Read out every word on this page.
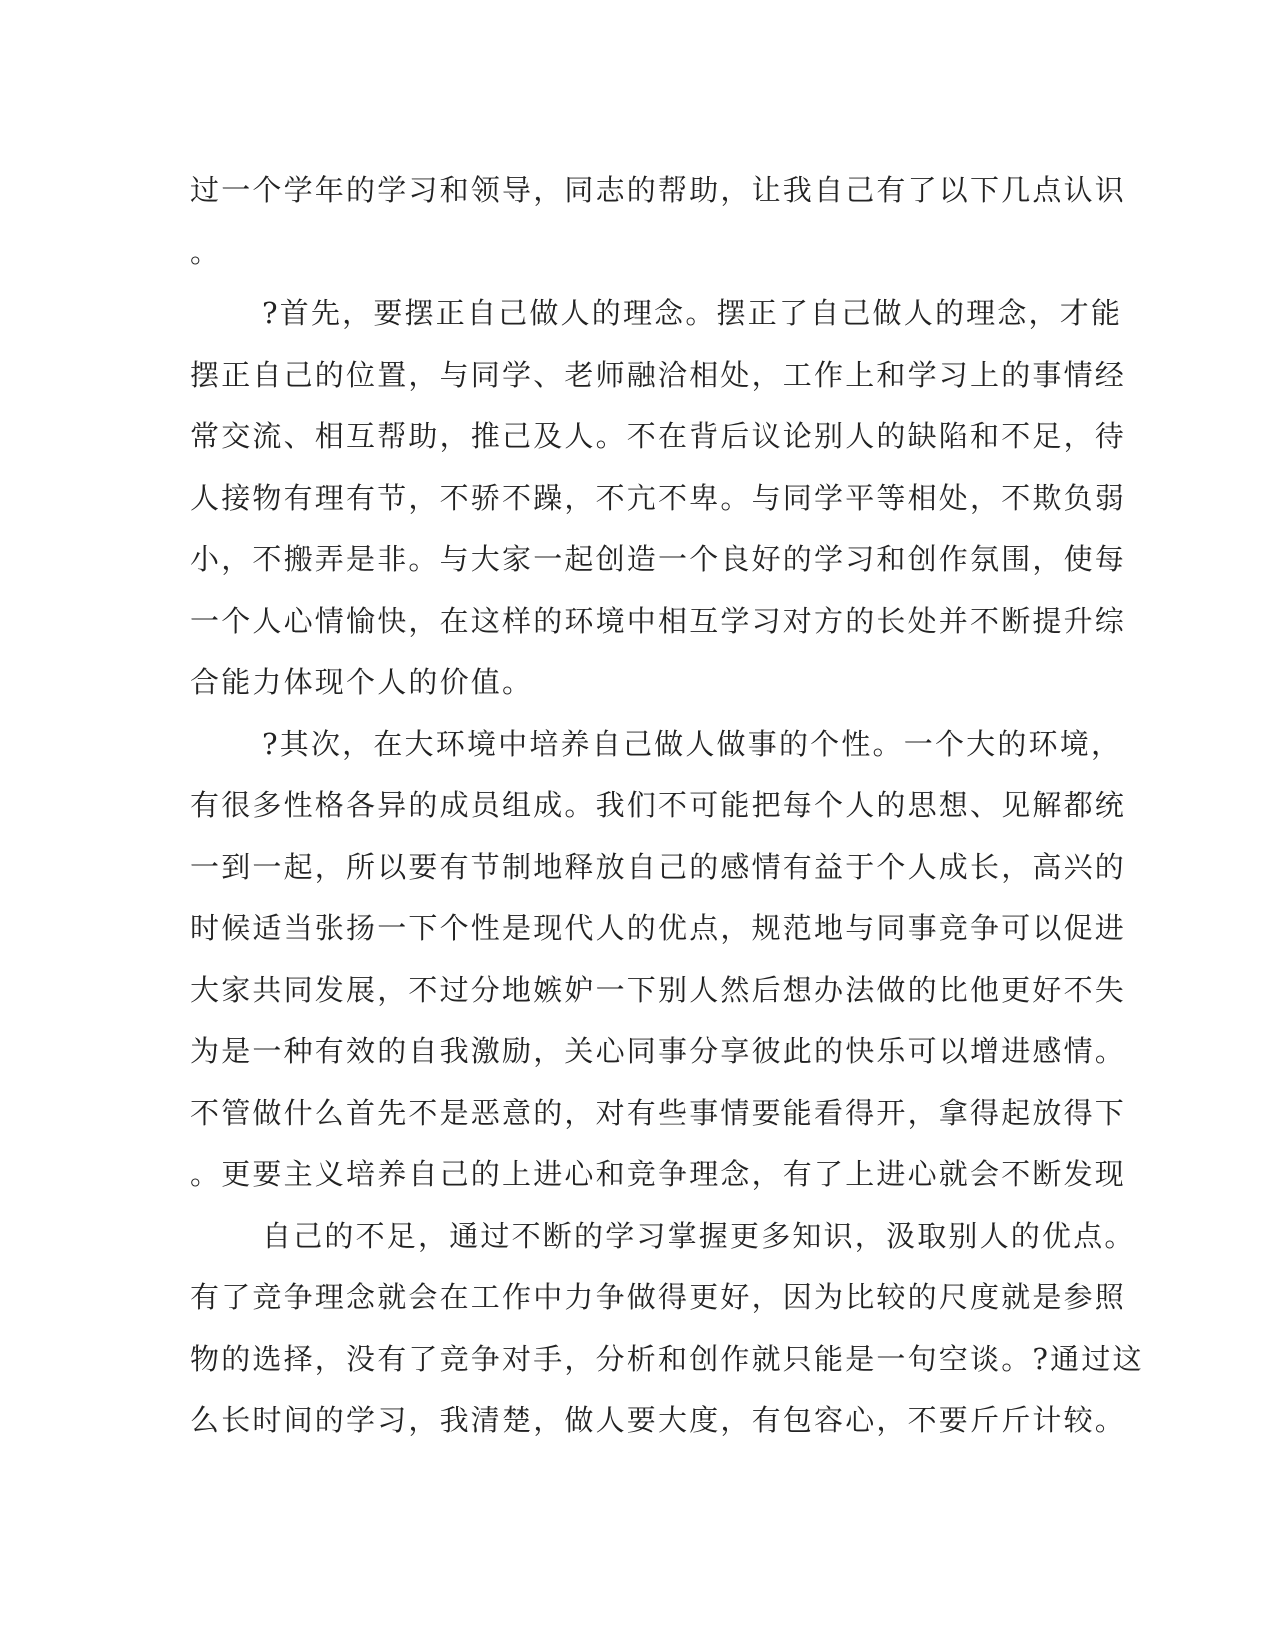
过一个学年的学习和领导，同志的帮助，让我自己有了以下几点认识
。
?首先，要摆正自己做人的理念。摆正了自己做人的理念，才能
摆正自己的位置，与同学、老师融洽相处，工作上和学习上的事情经
常交流、相互帮助，推己及人。不在背后议论别人的缺陷和不足，待
人接物有理有节，不骄不躁，不亢不卑。与同学平等相处，不欺负弱
小，不搬弄是非。与大家一起创造一个良好的学习和创作氛围，使每
一个人心情愉快，在这样的环境中相互学习对方的长处并不断提升综
合能力体现个人的价值。
?其次，在大环境中培养自己做人做事的个性。一个大的环境，
有很多性格各异的成员组成。我们不可能把每个人的思想、见解都统
一到一起，所以要有节制地释放自己的感情有益于个人成长，高兴的
时候适当张扬一下个性是现代人的优点，规范地与同事竞争可以促进
大家共同发展，不过分地嫉妒一下别人然后想办法做的比他更好不失
为是一种有效的自我激励，关心同事分享彼此的快乐可以增进感情。
不管做什么首先不是恶意的，对有些事情要能看得开，拿得起放得下
。更要主义培养自己的上进心和竞争理念，有了上进心就会不断发现
自己的不足，通过不断的学习掌握更多知识，汲取别人的优点。
有了竞争理念就会在工作中力争做得更好，因为比较的尺度就是参照
物的选择，没有了竞争对手，分析和创作就只能是一句空谈。?通过这
么长时间的学习，我清楚，做人要大度，有包容心，不要斤斤计较。
